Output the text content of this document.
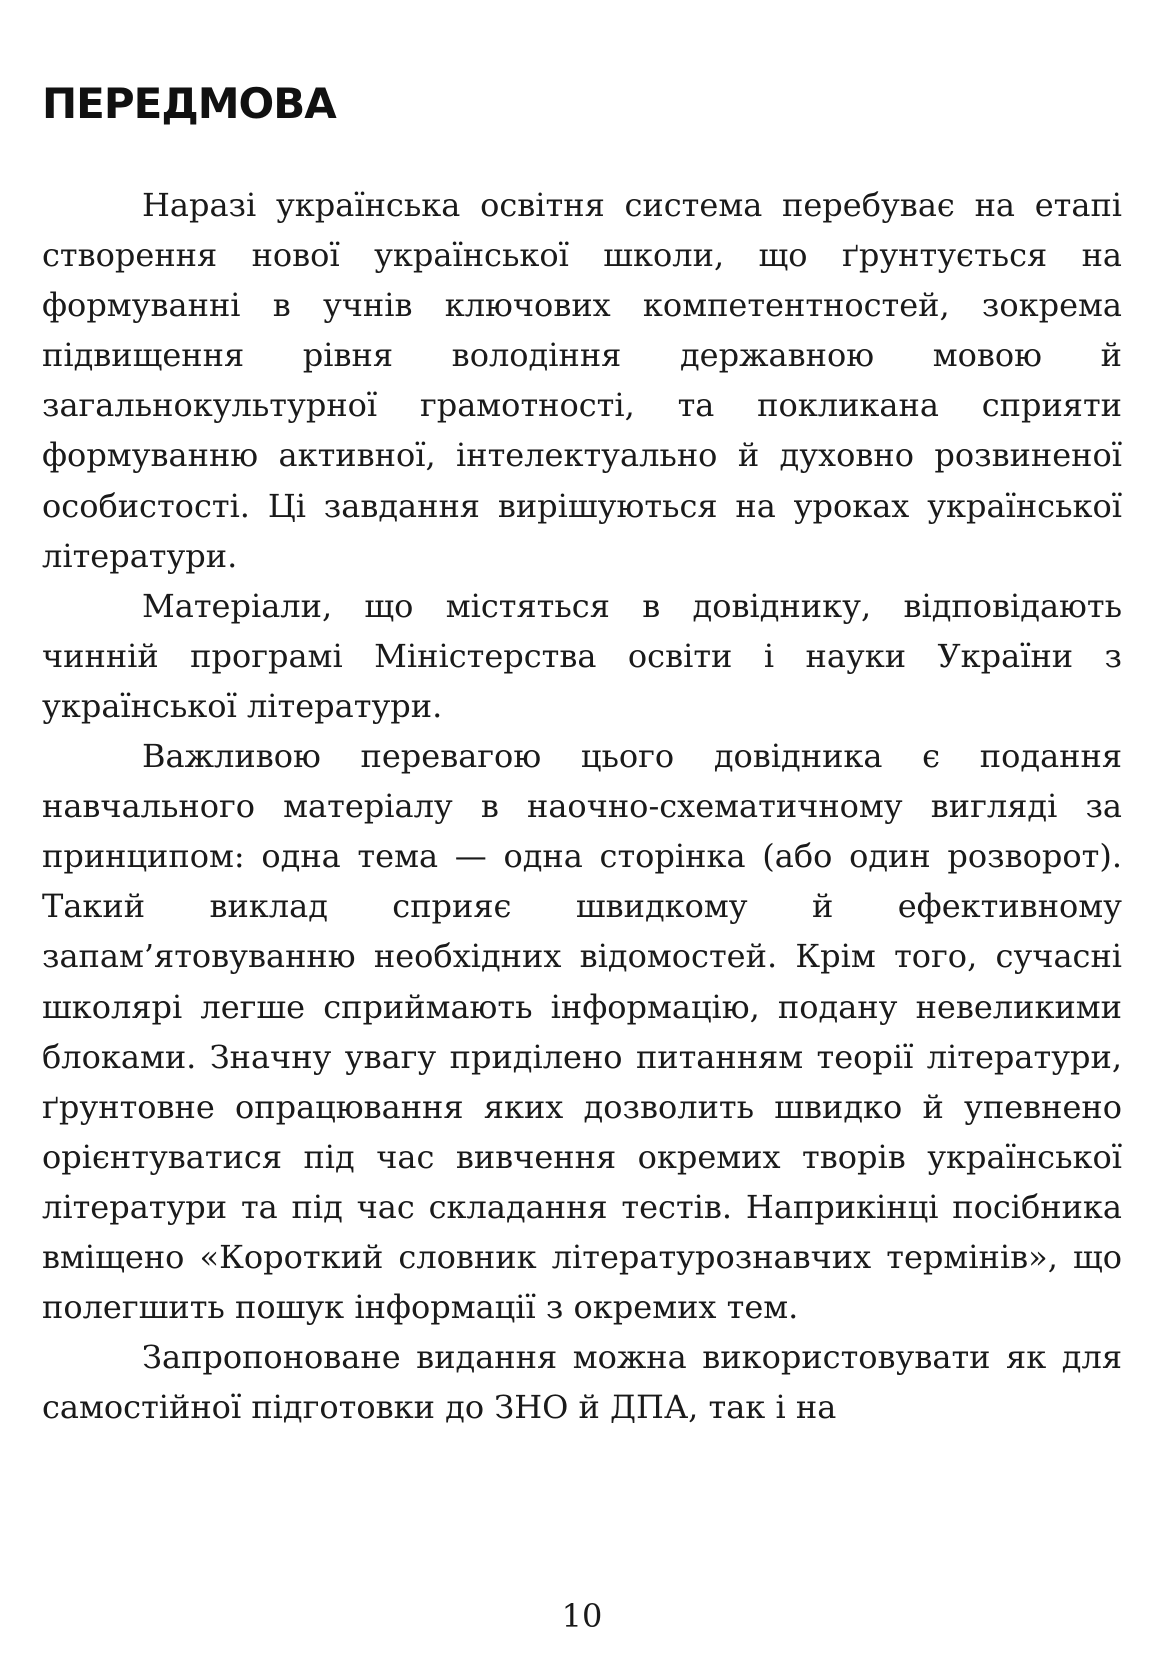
ПЕРЕДМОВА

Наразі українська освітня система перебуває на етапі створення нової української школи, що ґрунтується на формуванні в учнів ключових компетентностей, зокрема підвищення рівня володіння державною мовою й загальнокультурної грамотності, та покликана сприяти формуванню активної, інтелектуально й духовно розвиненої особистості. Ці завдання вирішуються на уроках української літератури.

Матеріали, що містяться в довіднику, відповідають чинній програмі Міністерства освіти і науки України з української літератури.

Важливою перевагою цього довідника є подання навчального матеріалу в наочно-схематичному вигляді за принципом: одна тема — одна сторінка (або один розворот). Такий виклад сприяє швидкому й ефективному запам’ятовуванню необхідних відомостей. Крім того, сучасні школярі легше сприймають інформацію, подану невеликими блоками. Значну увагу приділено питанням теорії літератури, ґрунтовне опрацювання яких дозволить швидко й упевнено орієнтуватися під час вивчення окремих творів української літератури та під час складання тестів. Наприкінці посібника вміщено «Короткий словник літературознавчих термінів», що полегшить пошук інформації з окремих тем.

Запропоноване видання можна використовувати як для самостійної підготовки до ЗНО й ДПА, так і на

10
